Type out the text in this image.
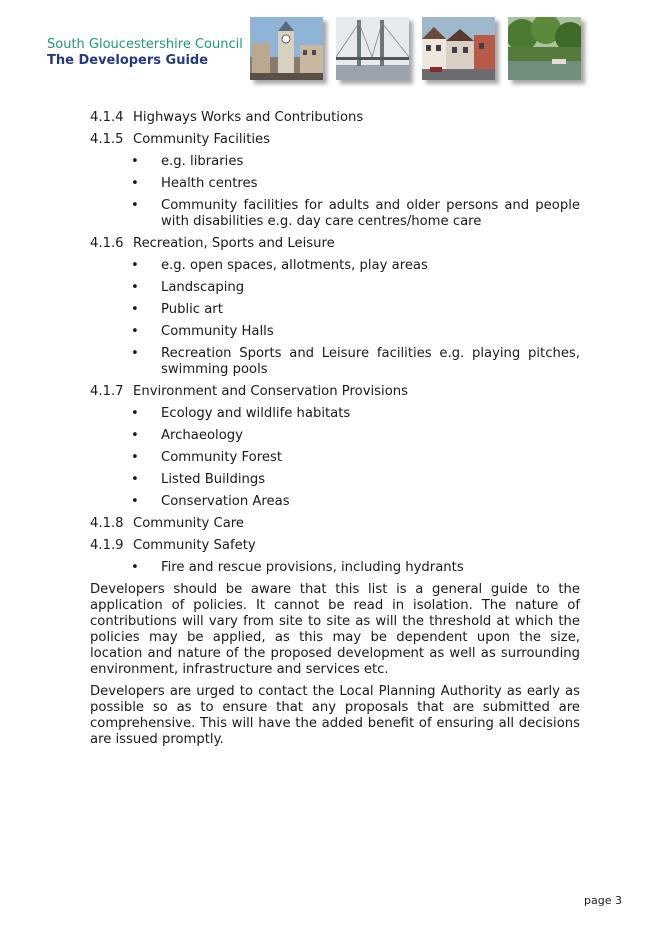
South Gloucestershire Council
The Developers Guide
4.1.4 Highways Works and Contributions
4.1.5 Community Facilities
•	e.g. libraries
•	Health centres
•	Community facilities for adults and older persons and people with disabilities e.g. day care centres/home care
4.1.6 Recreation, Sports and Leisure
•	e.g. open spaces, allotments, play areas
•	Landscaping
•	Public art
•	Community Halls
•	Recreation Sports and Leisure facilities e.g. playing pitches, swimming pools
4.1.7 Environment and Conservation Provisions
•	Ecology and wildlife habitats
•	Archaeology
•	Community Forest
•	Listed Buildings
•	Conservation Areas
4.1.8 Community Care
4.1.9 Community Safety
•	Fire and rescue provisions, including hydrants

Developers should be aware that this list is a general guide to the application of policies. It cannot be read in isolation. The nature of contributions will vary from site to site as will the threshold at which the policies may be applied, as this may be dependent upon the size, location and nature of the proposed development as well as surrounding environment, infrastructure and services etc.

Developers are urged to contact the Local Planning Authority as early as possible so as to ensure that any proposals that are submitted are comprehensive. This will have the added benefit of ensuring all decisions are issued promptly.

page 3
